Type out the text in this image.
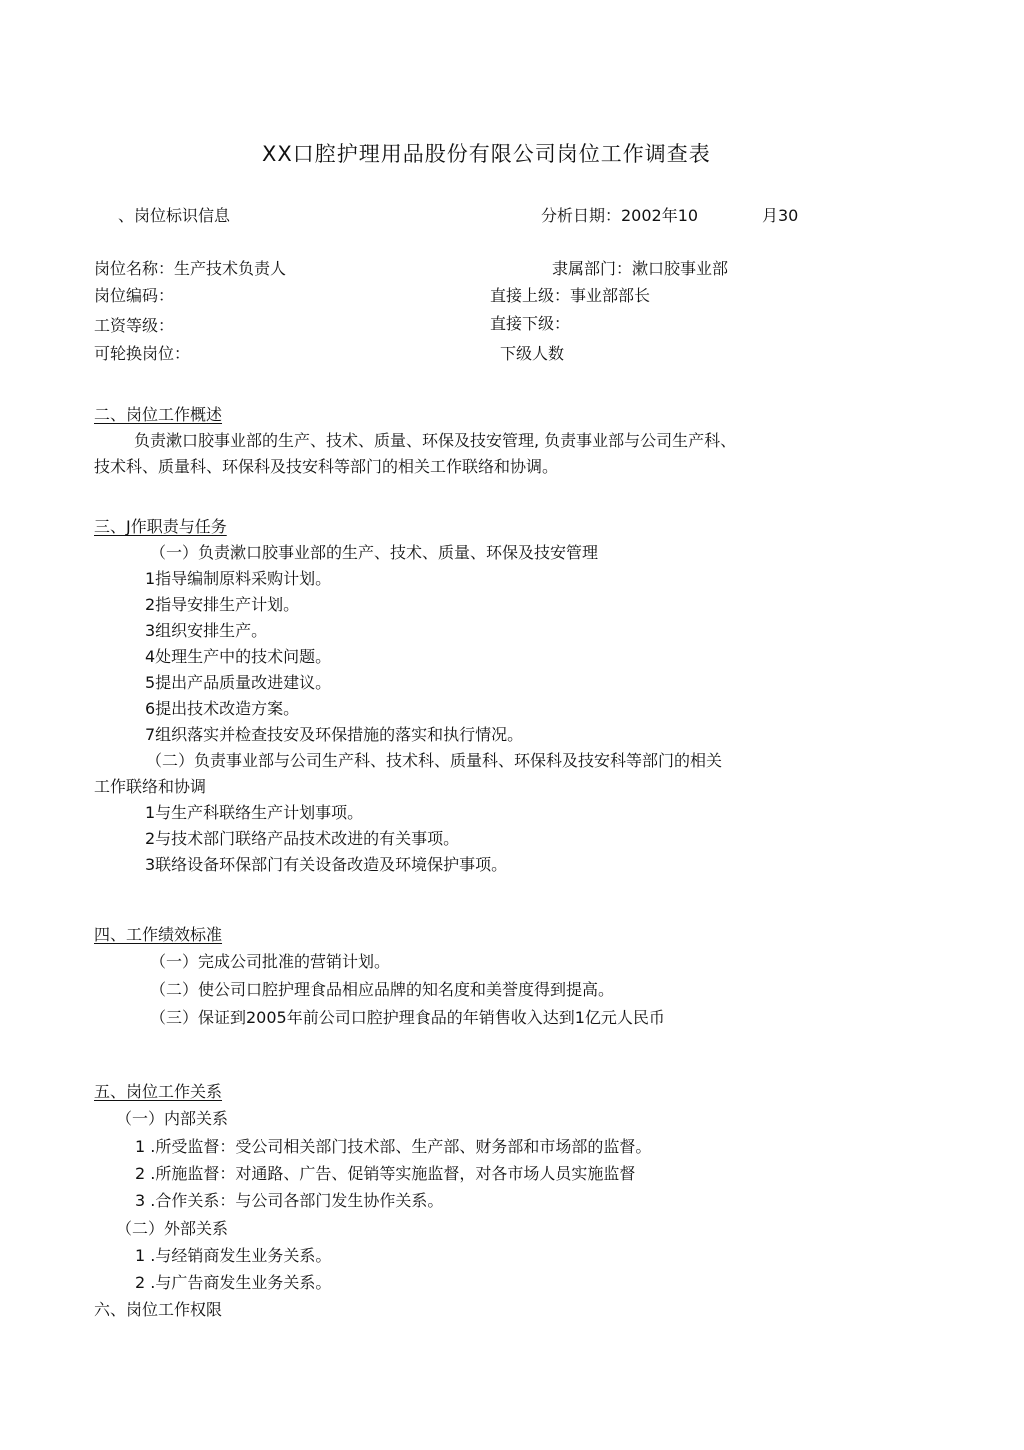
XX口腔护理用品股份有限公司岗位工作调查表
、岗位标识信息	分析日期：2002年10	月30
岗位名称：生产技术负责人	隶属部门：漱口胶事业部
岗位编码：	直接上级：事业部部长
工资等级：	直接下级：
可轮换岗位：	下级人数
二、岗位工作概述
负责漱口胶事业部的生产、技术、质量、环保及技安管理, 负责事业部与公司生产科、
技术科、质量科、环保科及技安科等部门的相关工作联络和协调。
三、J作职责与任务
（一）负责漱口胶事业部的生产、技术、质量、环保及技安管理
1指导编制原料采购计划。
2指导安排生产计划。
3组织安排生产。
4处理生产中的技术问题。
5提出产品质量改进建议。
6提出技术改造方案。
7组织落实并检查技安及环保措施的落实和执行情况。
（二）负责事业部与公司生产科、技术科、质量科、环保科及技安科等部门的相关
工作联络和协调
1与生产科联络生产计划事项。
2与技术部门联络产品技术改进的有关事项。
3联络设备环保部门有关设备改造及环境保护事项。
四、工作绩效标准
（一）完成公司批准的营销计划。
（二）使公司口腔护理食品相应品牌的知名度和美誉度得到提高。
（三）保证到2005年前公司口腔护理食品的年销售收入达到1亿元人民币
五、岗位工作关系
（一）内部关系
1 .所受监督：受公司相关部门技术部、生产部、财务部和市场部的监督。
2 .所施监督：对通路、广告、促销等实施监督，对各市场人员实施监督
3 .合作关系：与公司各部门发生协作关系。
（二）外部关系
1 .与经销商发生业务关系。
2 .与广告商发生业务关系。
六、岗位工作权限
